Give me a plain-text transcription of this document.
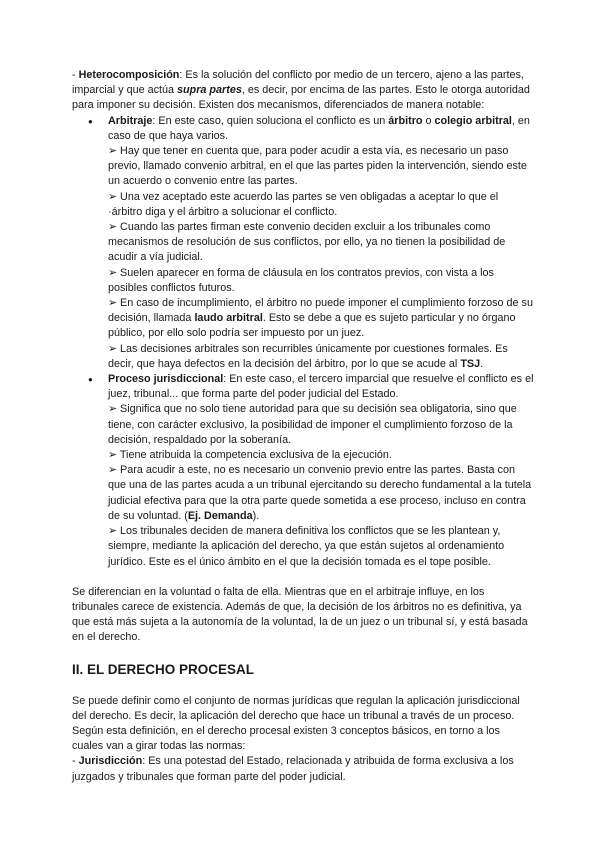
- Heterocomposición: Es la solución del conflicto por medio de un tercero, ajeno a las partes, imparcial y que actúa supra partes, es decir, por encima de las partes. Esto le otorga autoridad para imponer su decisión. Existen dos mecanismos, diferenciados de manera notable:

● Arbitraje: En este caso, quien soluciona el conflicto es un árbitro o colegio arbitral, en caso de que haya varios.
➢ Hay que tener en cuenta que, para poder acudir a esta vía, es necesario un paso previo, llamado convenio arbitral, en el que las partes piden la intervención, siendo este un acuerdo o convenio entre las partes.
➢ Una vez aceptado este acuerdo las partes se ven obligadas a aceptar lo que el ·árbitro diga y el árbitro a solucionar el conflicto.
➢ Cuando las partes firman este convenio deciden excluir a los tribunales como mecanismos de resolución de sus conflictos, por ello, ya no tienen la posibilidad de acudir a vía judicial.
➢ Suelen aparecer en forma de cláusula en los contratos previos, con vista a los posibles conflictos futuros.
➢ En caso de incumplimiento, el árbitro no puede imponer el cumplimiento forzoso de su decisión, llamada laudo arbitral. Esto se debe a que es sujeto particular y no órgano público, por ello solo podría ser impuesto por un juez.
➢ Las decisiones arbitrales son recurribles únicamente por cuestiones formales. Es decir, que haya defectos en la decisión del árbitro, por lo que se acude al TSJ.
● Proceso jurisdiccional: En este caso, el tercero imparcial que resuelve el conflicto es el juez, tribunal... que forma parte del poder judicial del Estado.
➢ Significa que no solo tiene autoridad para que su decisión sea obligatoria, sino que tiene, con carácter exclusivo, la posibilidad de imponer el cumplimiento forzoso de la decisión, respaldado por la soberanía.
➢ Tiene atribuida la competencia exclusiva de la ejecución.
➢ Para acudir a este, no es necesario un convenio previo entre las partes. Basta con que una de las partes acuda a un tribunal ejercitando su derecho fundamental a la tutela judicial efectiva para que la otra parte quede sometida a ese proceso, incluso en contra de su voluntad. (Ej. Demanda).
➢ Los tribunales deciden de manera definitiva los conflictos que se les plantean y, siempre, mediante la aplicación del derecho, ya que están sujetos al ordenamiento jurídico. Este es el único ámbito en el que la decisión tomada es el tope posible.

Se diferencian en la voluntad o falta de ella. Mientras que en el arbitraje influye, en los tribunales carece de existencia. Además de que, la decisión de los árbitros no es definitiva, ya que está más sujeta a la autonomía de la voluntad, la de un juez o un tribunal sí, y está basada en el derecho.

II. EL DERECHO PROCESAL

Se puede definir como el conjunto de normas jurídicas que regulan la aplicación jurisdiccional del derecho. Es decir, la aplicación del derecho que hace un tribunal a través de un proceso. Según esta definición, en el derecho procesal existen 3 conceptos básicos, en torno a los cuales van a girar todas las normas:

- Jurisdicción: Es una potestad del Estado, relacionada y atribuida de forma exclusiva a los juzgados y tribunales que forman parte del poder judicial.
